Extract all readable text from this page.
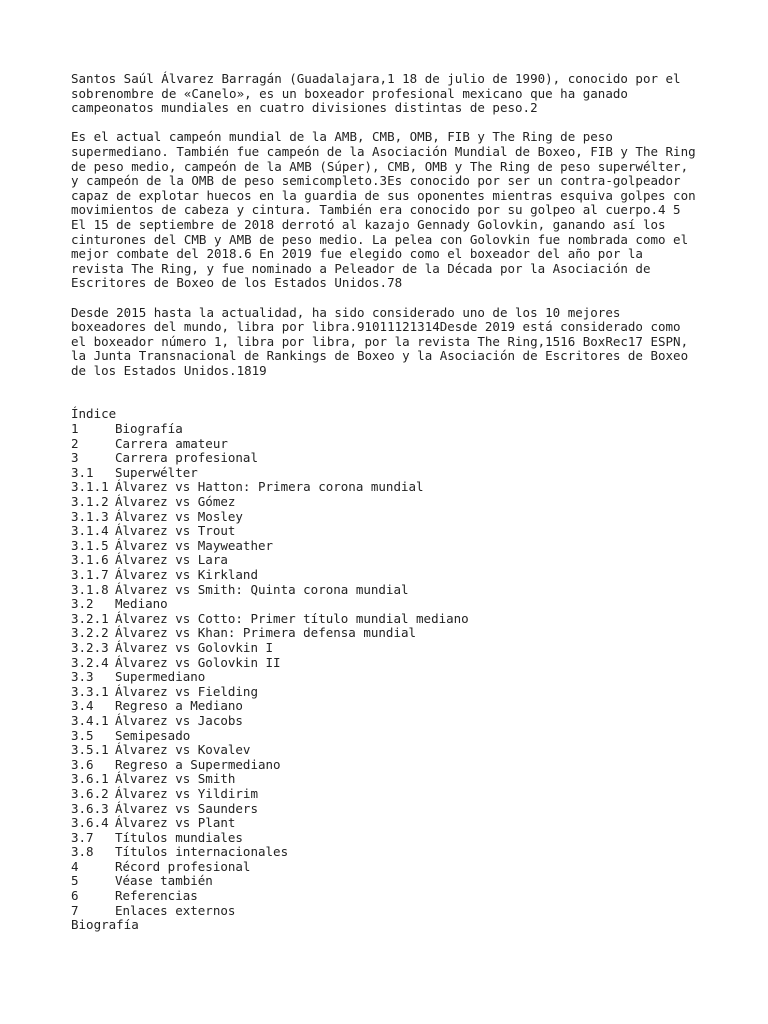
Santos Saúl Álvarez Barragán (Guadalajara,1 18 de julio de 1990), conocido por el
sobrenombre de «Canelo», es un boxeador profesional mexicano que ha ganado
campeonatos mundiales en cuatro divisiones distintas de peso.2

Es el actual campeón mundial de la AMB, CMB, OMB, FIB y The Ring de peso
supermediano. También fue campeón de la Asociación Mundial de Boxeo, FIB y The Ring
de peso medio, campeón de la AMB (Súper), CMB, OMB y The Ring de peso superwélter,
y campeón de la OMB de peso semicompleto.3Es conocido por ser un contra-golpeador
capaz de explotar huecos en la guardia de sus oponentes mientras esquiva golpes con
movimientos de cabeza y cintura. También era conocido por su golpeo al cuerpo.4 5
El 15 de septiembre de 2018 derrotó al kazajo Gennady Golovkin, ganando así los
cinturones del CMB y AMB de peso medio. La pelea con Golovkin fue nombrada como el
mejor combate del 2018.6 En 2019 fue elegido como el boxeador del año por la
revista The Ring, y fue nominado a Peleador de la Década por la Asociación de
Escritores de Boxeo de los Estados Unidos.78

Desde 2015 hasta la actualidad, ha sido considerado uno de los 10 mejores
boxeadores del mundo, libra por libra.91011121314Desde 2019 está considerado como
el boxeador número 1, libra por libra, por la revista The Ring,1516 BoxRec17 ESPN,
la Junta Transnacional de Rankings de Boxeo y la Asociación de Escritores de Boxeo
de los Estados Unidos.1819

Índice
1	Biografía
2	Carrera amateur
3	Carrera profesional
3.1	Superwélter
3.1.1 Álvarez vs Hatton: Primera corona mundial
3.1.2 Álvarez vs Gómez
3.1.3 Álvarez vs Mosley
3.1.4 Álvarez vs Trout
3.1.5 Álvarez vs Mayweather
3.1.6 Álvarez vs Lara
3.1.7 Álvarez vs Kirkland
3.1.8 Álvarez vs Smith: Quinta corona mundial
3.2	Mediano
3.2.1 Álvarez vs Cotto: Primer título mundial mediano
3.2.2 Álvarez vs Khan: Primera defensa mundial
3.2.3 Álvarez vs Golovkin I
3.2.4 Álvarez vs Golovkin II
3.3	Supermediano
3.3.1 Álvarez vs Fielding
3.4	Regreso a Mediano
3.4.1 Álvarez vs Jacobs
3.5	Semipesado
3.5.1 Álvarez vs Kovalev
3.6	Regreso a Supermediano
3.6.1 Álvarez vs Smith
3.6.2 Álvarez vs Yildirim
3.6.3 Álvarez vs Saunders
3.6.4 Álvarez vs Plant
3.7	Títulos mundiales
3.8	Títulos internacionales
4	Récord profesional
5	Véase también
6	Referencias
7	Enlaces externos
Biografía
